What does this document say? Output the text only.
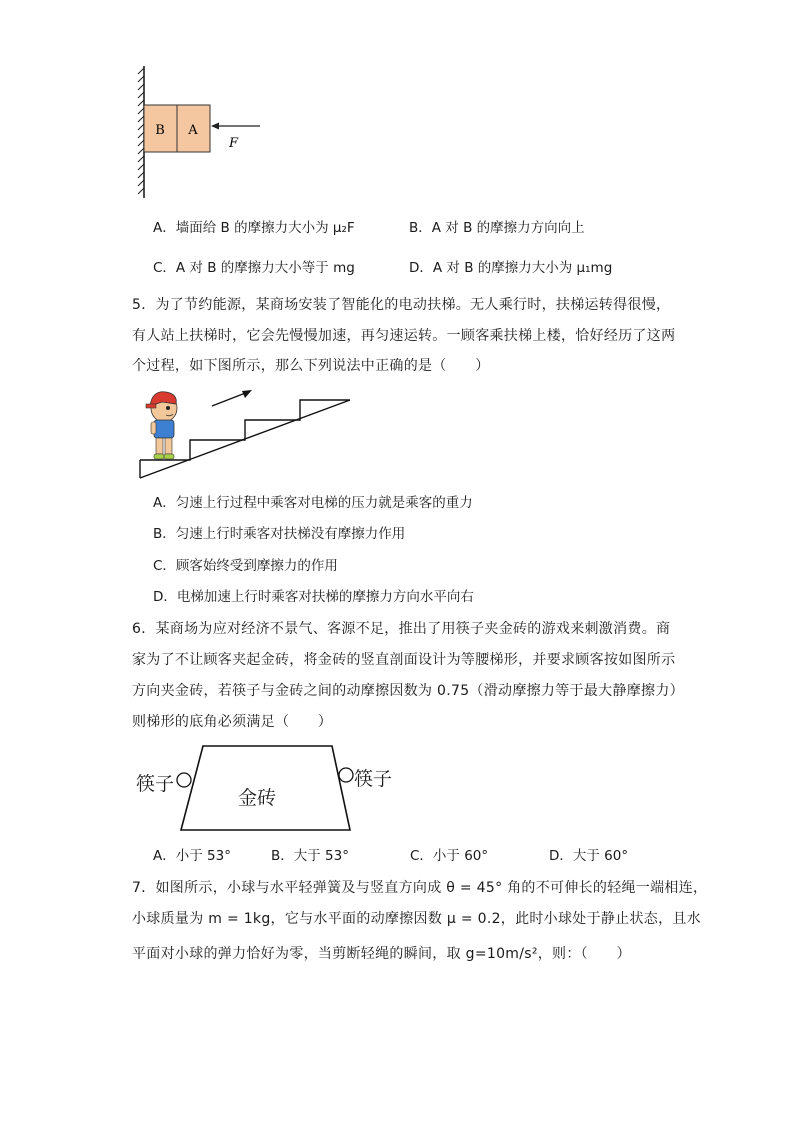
B A
F
A．墙面给 B 的摩擦力大小为 μ₂F	B．A 对 B 的摩擦力方向向上
C．A 对 B 的摩擦力大小等于 mg	D．A 对 B 的摩擦力大小为 μ₁mg
5．为了节约能源，某商场安装了智能化的电动扶梯。无人乘行时，扶梯运转得很慢，
有人站上扶梯时，它会先慢慢加速，再匀速运转。一顾客乘扶梯上楼，恰好经历了这两
个过程，如下图所示，那么下列说法中正确的是（　　）
A．匀速上行过程中乘客对电梯的压力就是乘客的重力
B．匀速上行时乘客对扶梯没有摩擦力作用
C．顾客始终受到摩擦力的作用
D．电梯加速上行时乘客对扶梯的摩擦力方向水平向右
6．某商场为应对经济不景气、客源不足，推出了用筷子夹金砖的游戏来刺激消费。商
家为了不让顾客夹起金砖，将金砖的竖直剖面设计为等腰梯形，并要求顾客按如图所示
方向夹金砖，若筷子与金砖之间的动摩擦因数为 0.75（滑动摩擦力等于最大静摩擦力）
则梯形的底角必须满足（　　）
筷子	筷子
金砖
A．小于 53°	B．大于 53°	C．小于 60°	D．大于 60°
7．如图所示，小球与水平轻弹簧及与竖直方向成 θ = 45° 角的不可伸长的轻绳一端相连，
小球质量为 m = 1kg，它与水平面的动摩擦因数 μ = 0.2，此时小球处于静止状态，且水
平面对小球的弹力恰好为零，当剪断轻绳的瞬间，取 g=10m/s²，则：（　　）
